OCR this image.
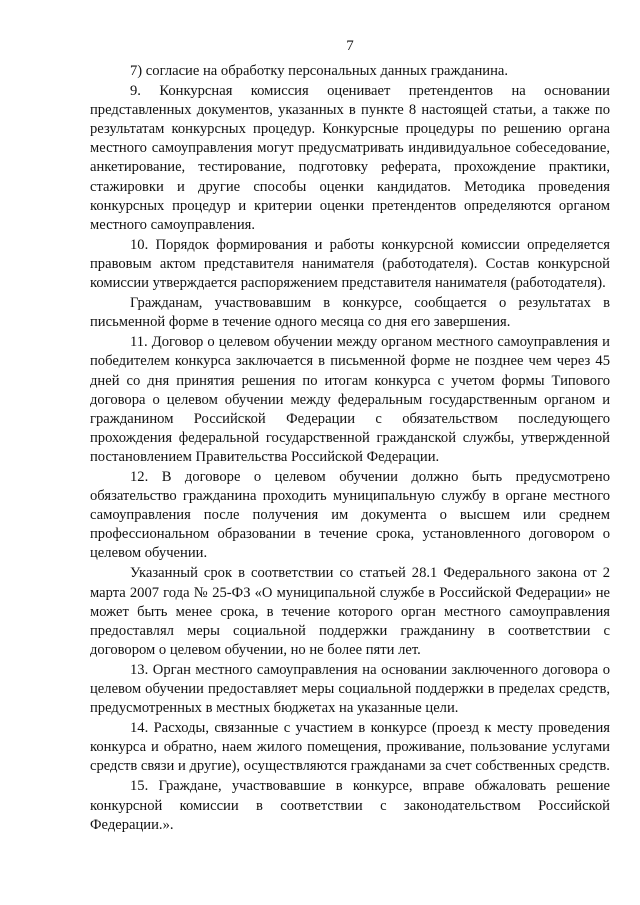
7

7) согласие на обработку персональных данных гражданина.

9. Конкурсная комиссия оценивает претендентов на основании представленных документов, указанных в пункте 8 настоящей статьи, а также по результатам конкурсных процедур. Конкурсные процедуры по решению органа местного самоуправления могут предусматривать индивидуальное собеседование, анкетирование, тестирование, подготовку реферата, прохождение практики, стажировки и другие способы оценки кандидатов. Методика проведения конкурсных процедур и критерии оценки претендентов определяются органом местного самоуправления.

10. Порядок формирования и работы конкурсной комиссии определяется правовым актом представителя нанимателя (работодателя). Состав конкурсной комиссии утверждается распоряжением представителя нанимателя (работодателя).

Гражданам, участвовавшим в конкурсе, сообщается о результатах в письменной форме в течение одного месяца со дня его завершения.

11. Договор о целевом обучении между органом местного самоуправления и победителем конкурса заключается в письменной форме не позднее чем через 45 дней со дня принятия решения по итогам конкурса с учетом формы Типового договора о целевом обучении между федеральным государственным органом и гражданином Российской Федерации с обязательством последующего прохождения федеральной государственной гражданской службы, утвержденной постановлением Правительства Российской Федерации.

12. В договоре о целевом обучении должно быть предусмотрено обязательство гражданина проходить муниципальную службу в органе местного самоуправления после получения им документа о высшем или среднем профессиональном образовании в течение срока, установленного договором о целевом обучении.

Указанный срок в соответствии со статьей 28.1 Федерального закона от 2 марта 2007 года № 25-ФЗ «О муниципальной службе в Российской Федерации» не может быть менее срока, в течение которого орган местного самоуправления предоставлял меры социальной поддержки гражданину в соответствии с договором о целевом обучении, но не более пяти лет.

13. Орган местного самоуправления на основании заключенного договора о целевом обучении предоставляет меры социальной поддержки в пределах средств, предусмотренных в местных бюджетах на указанные цели.

14. Расходы, связанные с участием в конкурсе (проезд к месту проведения конкурса и обратно, наем жилого помещения, проживание, пользование услугами средств связи и другие), осуществляются гражданами за счет собственных средств.

15. Граждане, участвовавшие в конкурсе, вправе обжаловать решение конкурсной комиссии в соответствии с законодательством Российской Федерации.».
